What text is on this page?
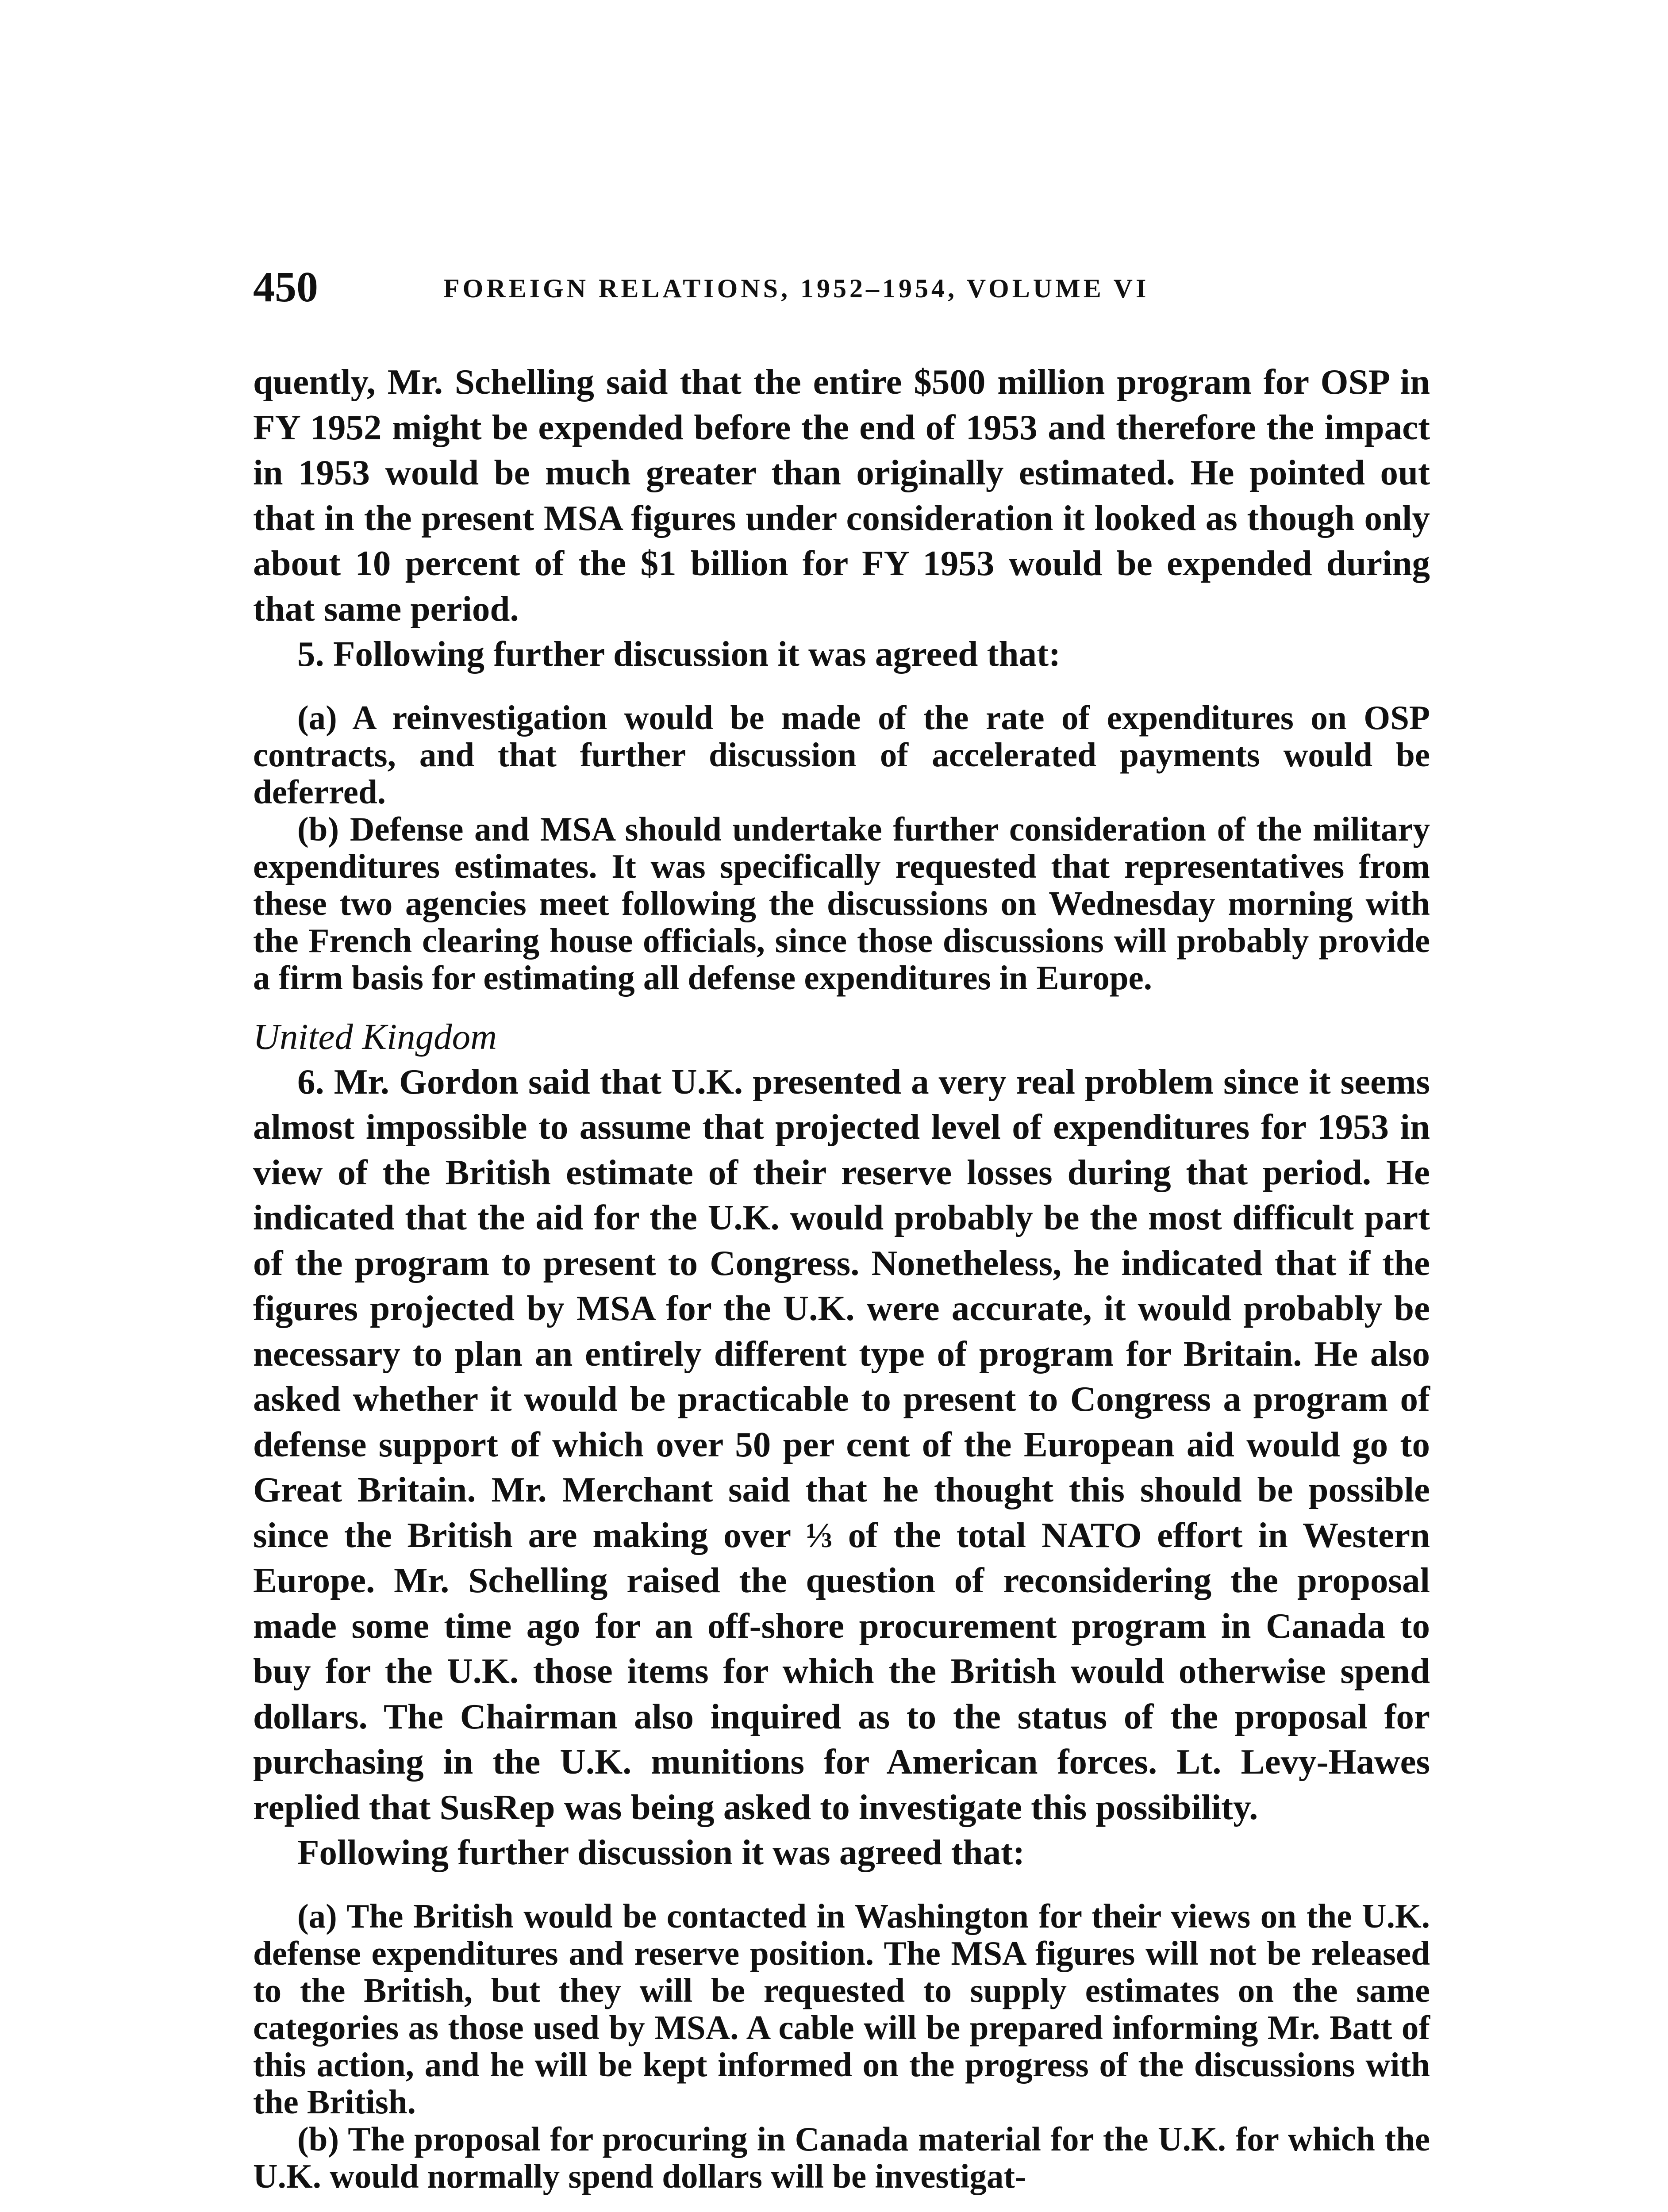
450	FOREIGN RELATIONS, 1952–1954, VOLUME VI

quently, Mr. Schelling said that the entire $500 million program for OSP in FY 1952 might be expended before the end of 1953 and therefore the impact in 1953 would be much greater than originally estimated. He pointed out that in the present MSA figures under consideration it looked as though only about 10 percent of the $1 billion for FY 1953 would be expended during that same period.

5. Following further discussion it was agreed that:

(a) A reinvestigation would be made of the rate of expenditures on OSP contracts, and that further discussion of accelerated payments would be deferred.

(b) Defense and MSA should undertake further consideration of the military expenditures estimates. It was specifically requested that representatives from these two agencies meet following the discussions on Wednesday morning with the French clearing house officials, since those discussions will probably provide a firm basis for estimating all defense expenditures in Europe.

United Kingdom

6. Mr. Gordon said that U.K. presented a very real problem since it seems almost impossible to assume that projected level of expenditures for 1953 in view of the British estimate of their reserve losses during that period. He indicated that the aid for the U.K. would probably be the most difficult part of the program to present to Congress. Nonetheless, he indicated that if the figures projected by MSA for the U.K. were accurate, it would probably be necessary to plan an entirely different type of program for Britain. He also asked whether it would be practicable to present to Congress a program of defense support of which over 50 per cent of the European aid would go to Great Britain. Mr. Merchant said that he thought this should be possible since the British are making over ⅓ of the total NATO effort in Western Europe. Mr. Schelling raised the question of reconsidering the proposal made some time ago for an off-shore procurement program in Canada to buy for the U.K. those items for which the British would otherwise spend dollars. The Chairman also inquired as to the status of the proposal for purchasing in the U.K. munitions for American forces. Lt. Levy-Hawes replied that SusRep was being asked to investigate this possibility.

Following further discussion it was agreed that:

(a) The British would be contacted in Washington for their views on the U.K. defense expenditures and reserve position. The MSA figures will not be released to the British, but they will be requested to supply estimates on the same categories as those used by MSA. A cable will be prepared informing Mr. Batt of this action, and he will be kept informed on the progress of the discussions with the British.

(b) The proposal for procuring in Canada material for the U.K. for which the U.K. would normally spend dollars will be investigat-
